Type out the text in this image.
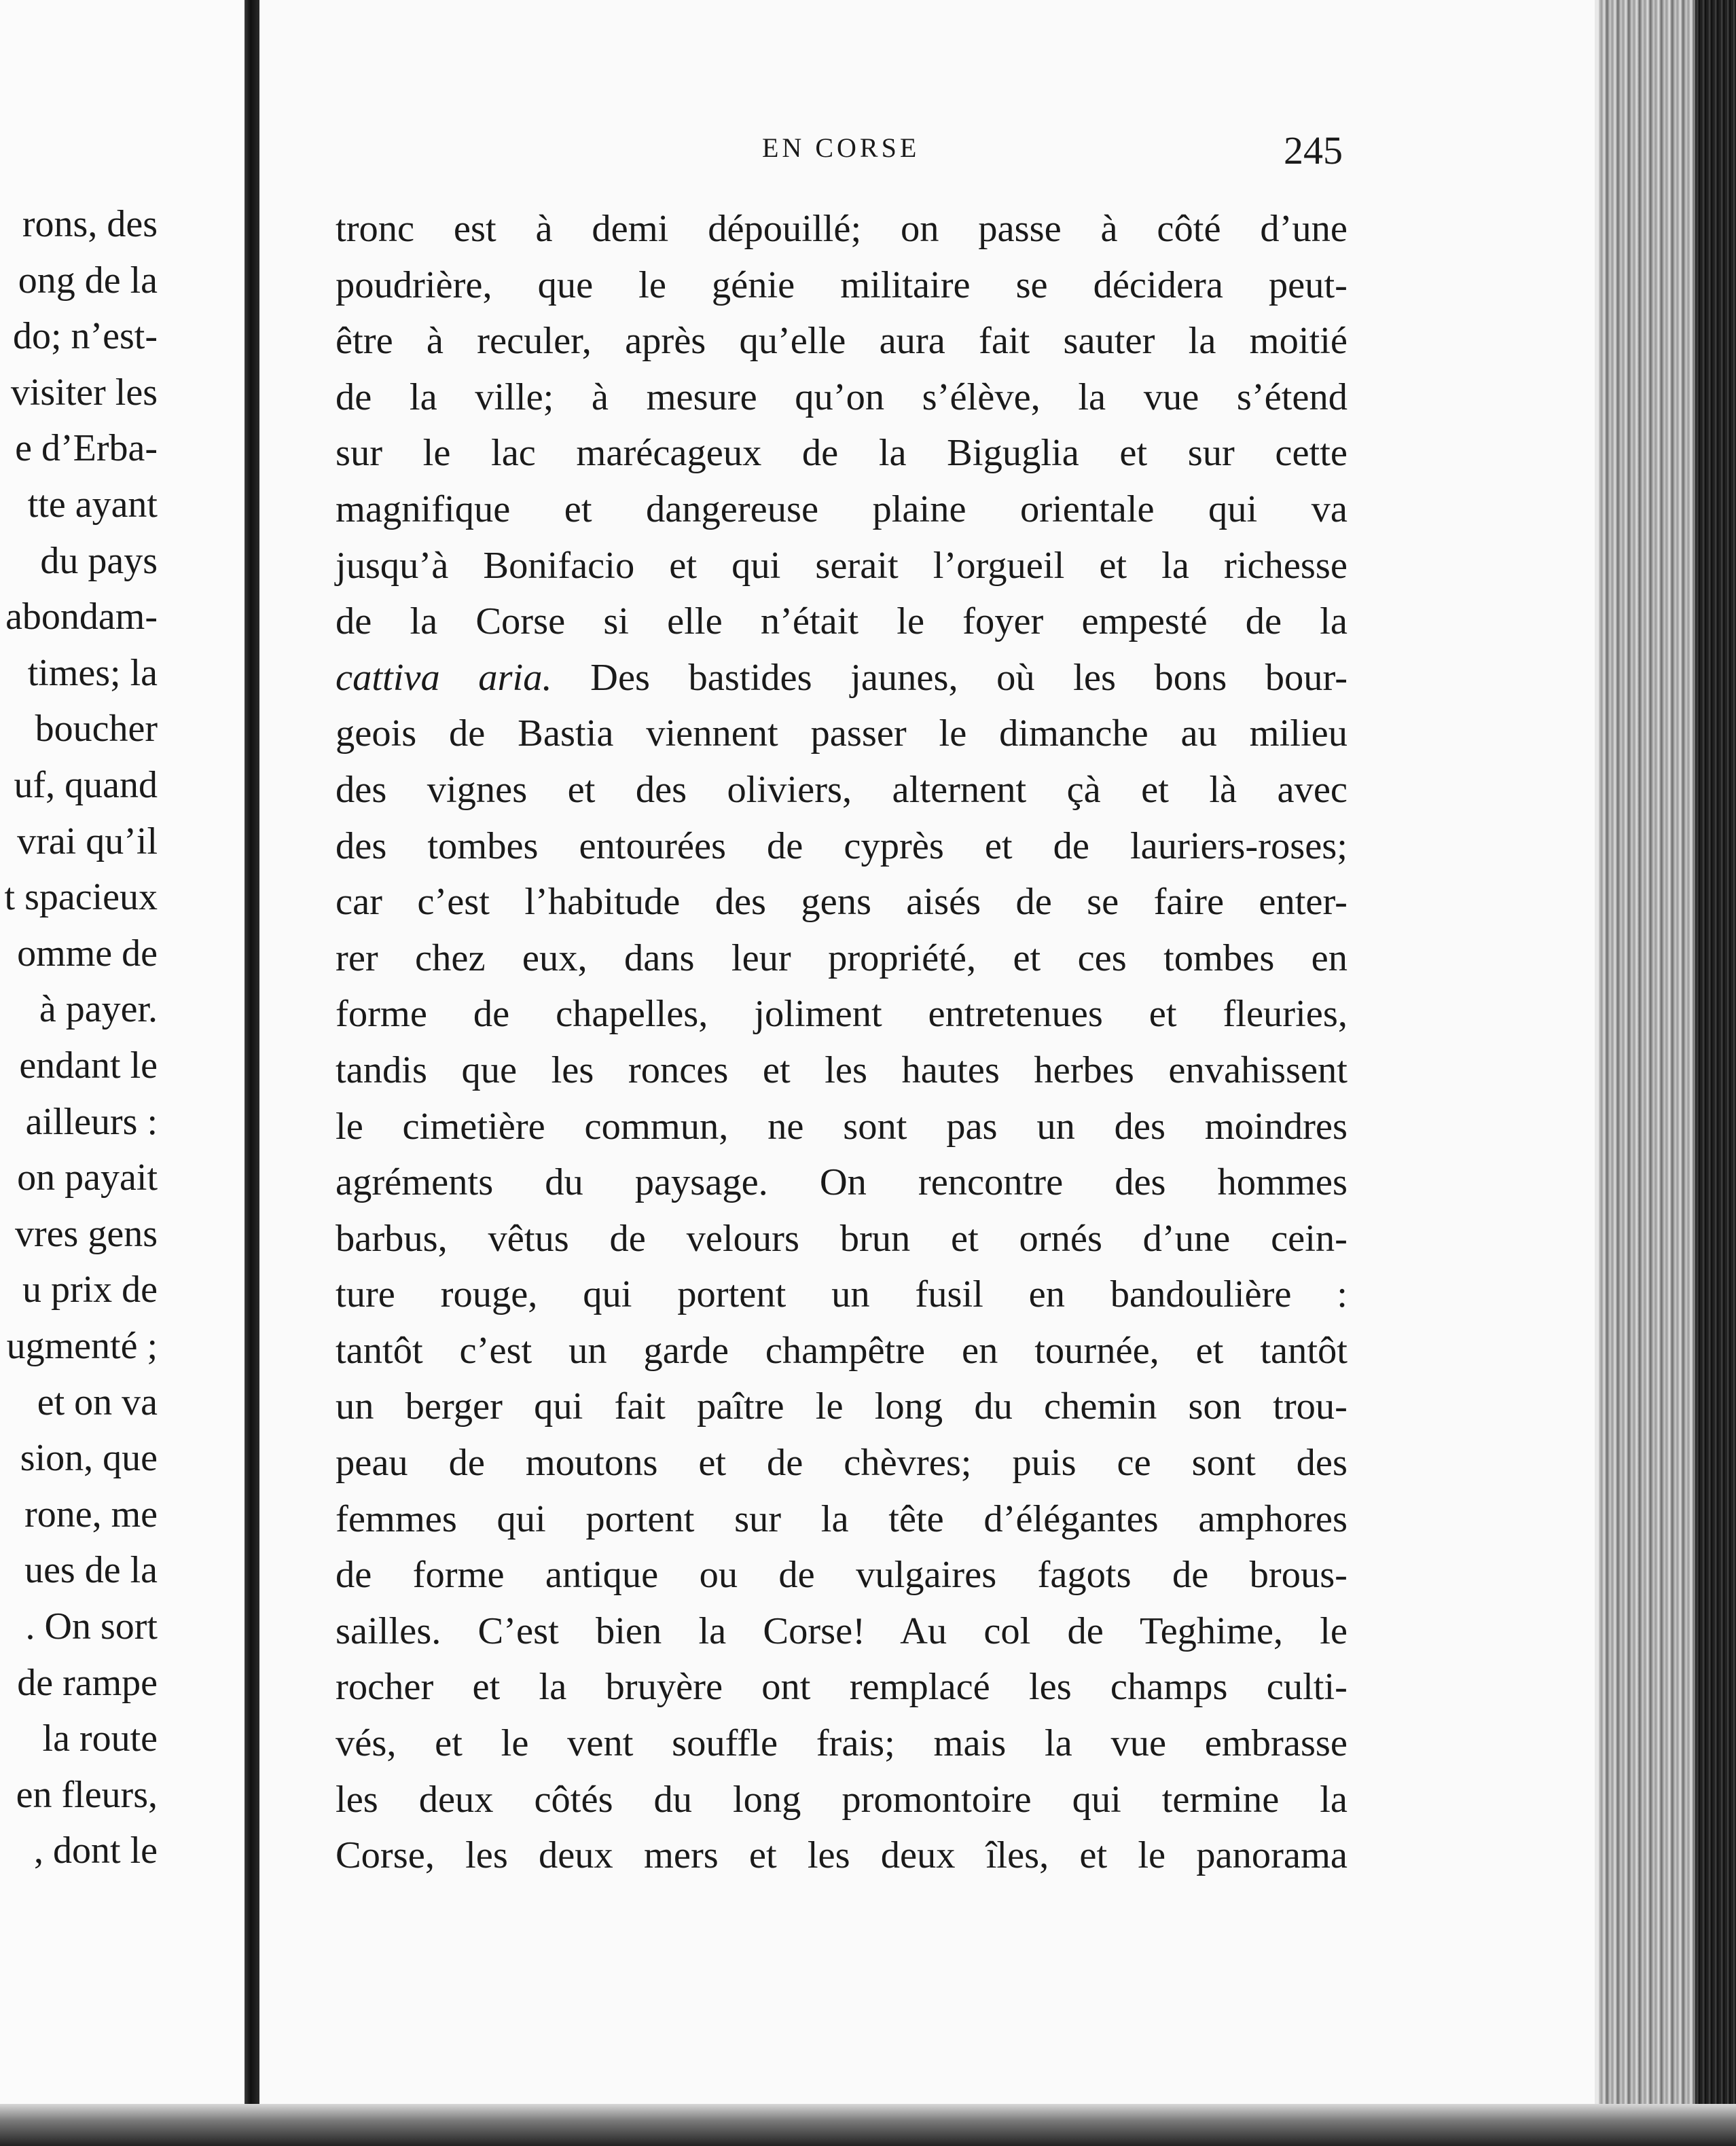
rons, des
ong de la
do; n’est-
visiter les
e d’Erba-
tte ayant
du pays
abondam-
times; la
boucher
uf, quand
vrai qu’il
t spacieux
omme de
à payer.
endant le
ailleurs :
on payait
vres gens
u prix de
ugmenté ;
et on va
sion, que
rone, me
ues de la
. On sort
de rampe
la route
en fleurs,
, dont le
EN CORSE	245
tronc est à demi dépouillé; on passe à côté d’une
poudrière, que le génie militaire se décidera peut-
être à reculer, après qu’elle aura fait sauter la moitié
de la ville; à mesure qu’on s’élève, la vue s’étend
sur le lac marécageux de la Biguglia et sur cette
magnifique et dangereuse plaine orientale qui va
jusqu’à Bonifacio et qui serait l’orgueil et la richesse
de la Corse si elle n’était le foyer empesté de la
cattiva aria. Des bastides jaunes, où les bons bour-
geois de Bastia viennent passer le dimanche au milieu
des vignes et des oliviers, alternent çà et là avec
des tombes entourées de cyprès et de lauriers-roses;
car c’est l’habitude des gens aisés de se faire enter-
rer chez eux, dans leur propriété, et ces tombes en
forme de chapelles, joliment entretenues et fleuries,
tandis que les ronces et les hautes herbes envahissent
le cimetière commun, ne sont pas un des moindres
agréments du paysage. On rencontre des hommes
barbus, vêtus de velours brun et ornés d’une cein-
ture rouge, qui portent un fusil en bandoulière :
tantôt c’est un garde champêtre en tournée, et tantôt
un berger qui fait paître le long du chemin son trou-
peau de moutons et de chèvres; puis ce sont des
femmes qui portent sur la tête d’élégantes amphores
de forme antique ou de vulgaires fagots de brous-
sailles. C’est bien la Corse! Au col de Teghime, le
rocher et la bruyère ont remplacé les champs culti-
vés, et le vent souffle frais; mais la vue embrasse
les deux côtés du long promontoire qui termine la
Corse, les deux mers et les deux îles, et le panorama
